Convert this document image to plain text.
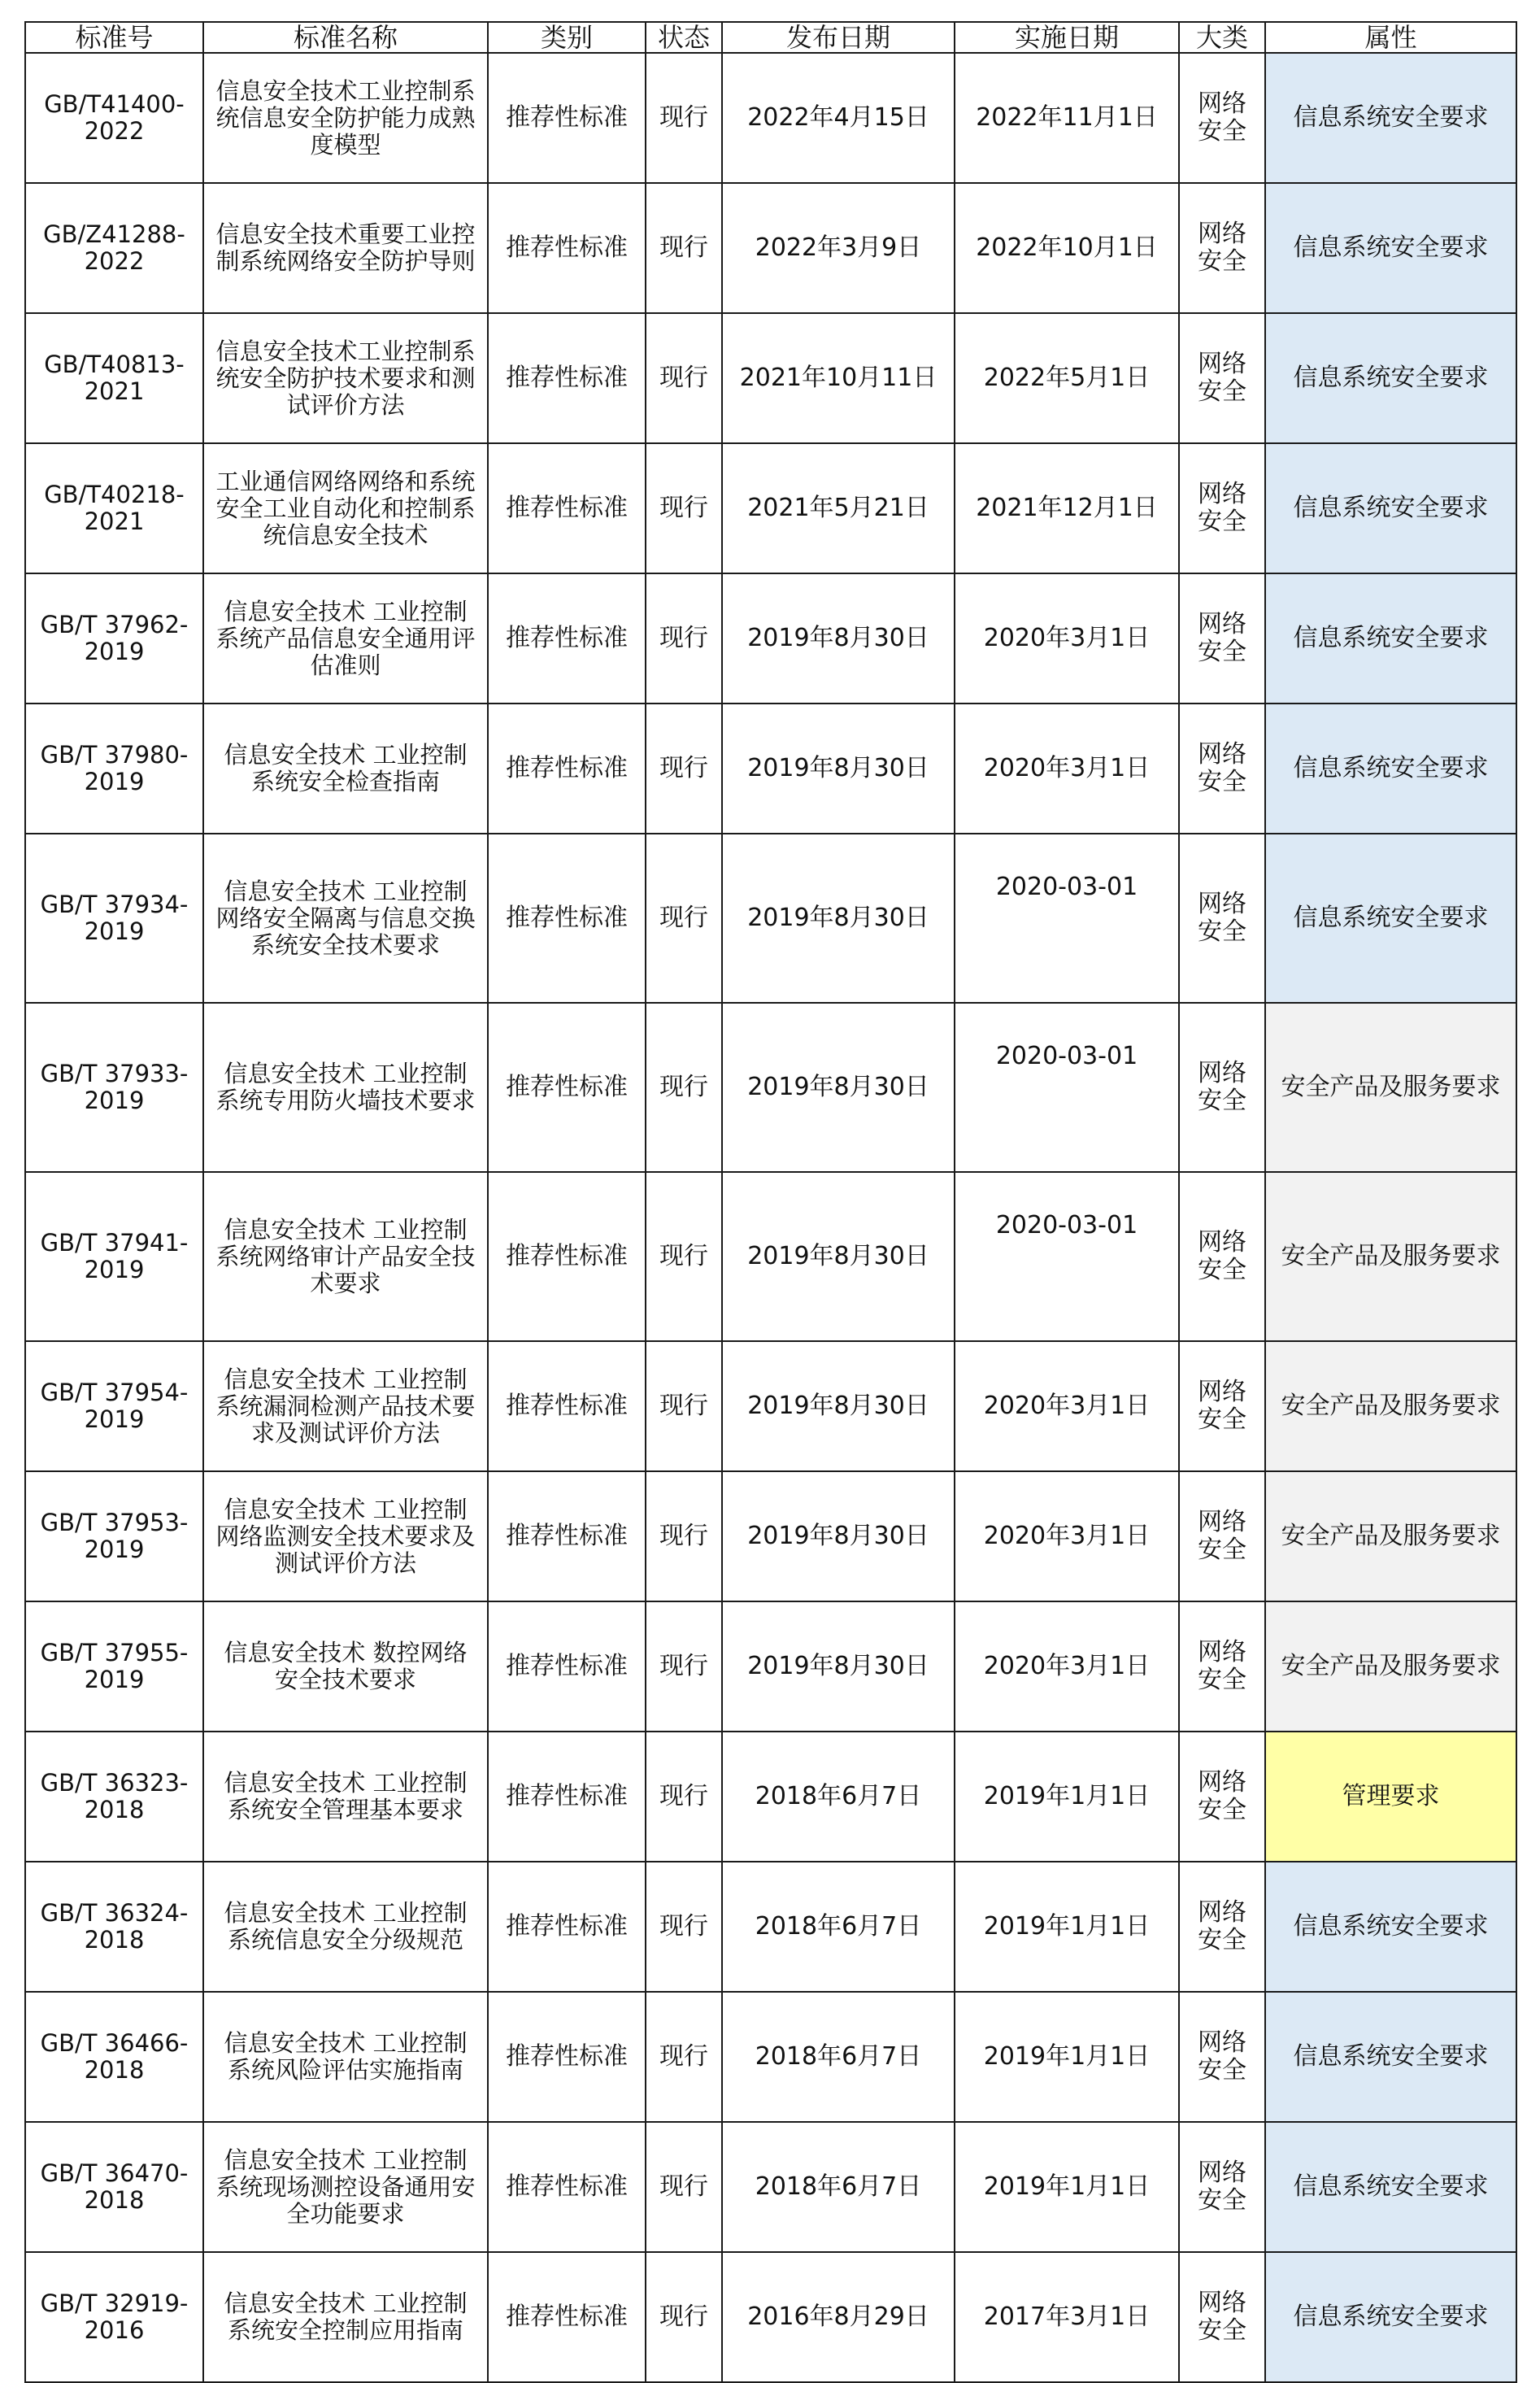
标准号	标准名称	类别	状态	发布日期	实施日期	大类	属性
GB/T41400-2022	信息安全技术工业控制系统信息安全防护能力成熟度模型	推荐性标准	现行	2022年4月15日	2022年11月1日	网络安全	信息系统安全要求
GB/Z41288-2022	信息安全技术重要工业控制系统网络安全防护导则	推荐性标准	现行	2022年3月9日	2022年10月1日	网络安全	信息系统安全要求
GB/T40813-2021	信息安全技术工业控制系统安全防护技术要求和测试评价方法	推荐性标准	现行	2021年10月11日	2022年5月1日	网络安全	信息系统安全要求
GB/T40218-2021	工业通信网络网络和系统安全工业自动化和控制系统信息安全技术	推荐性标准	现行	2021年5月21日	2021年12月1日	网络安全	信息系统安全要求
GB/T 37962-2019	信息安全技术 工业控制系统产品信息安全通用评估准则	推荐性标准	现行	2019年8月30日	2020年3月1日	网络安全	信息系统安全要求
GB/T 37980-2019	信息安全技术 工业控制系统安全检查指南	推荐性标准	现行	2019年8月30日	2020年3月1日	网络安全	信息系统安全要求
GB/T 37934-2019	信息安全技术 工业控制网络安全隔离与信息交换系统安全技术要求	推荐性标准	现行	2019年8月30日	2020-03-01	网络安全	信息系统安全要求
GB/T 37933-2019	信息安全技术 工业控制系统专用防火墙技术要求	推荐性标准	现行	2019年8月30日	2020-03-01	网络安全	安全产品及服务要求
GB/T 37941-2019	信息安全技术 工业控制系统网络审计产品安全技术要求	推荐性标准	现行	2019年8月30日	2020-03-01	网络安全	安全产品及服务要求
GB/T 37954-2019	信息安全技术 工业控制系统漏洞检测产品技术要求及测试评价方法	推荐性标准	现行	2019年8月30日	2020年3月1日	网络安全	安全产品及服务要求
GB/T 37953-2019	信息安全技术 工业控制网络监测安全技术要求及测试评价方法	推荐性标准	现行	2019年8月30日	2020年3月1日	网络安全	安全产品及服务要求
GB/T 37955-2019	信息安全技术 数控网络安全技术要求	推荐性标准	现行	2019年8月30日	2020年3月1日	网络安全	安全产品及服务要求
GB/T 36323-2018	信息安全技术 工业控制系统安全管理基本要求	推荐性标准	现行	2018年6月7日	2019年1月1日	网络安全	管理要求
GB/T 36324-2018	信息安全技术 工业控制系统信息安全分级规范	推荐性标准	现行	2018年6月7日	2019年1月1日	网络安全	信息系统安全要求
GB/T 36466-2018	信息安全技术 工业控制系统风险评估实施指南	推荐性标准	现行	2018年6月7日	2019年1月1日	网络安全	信息系统安全要求
GB/T 36470-2018	信息安全技术 工业控制系统现场测控设备通用安全功能要求	推荐性标准	现行	2018年6月7日	2019年1月1日	网络安全	信息系统安全要求
GB/T 32919-2016	信息安全技术 工业控制系统安全控制应用指南	推荐性标准	现行	2016年8月29日	2017年3月1日	网络安全	信息系统安全要求
